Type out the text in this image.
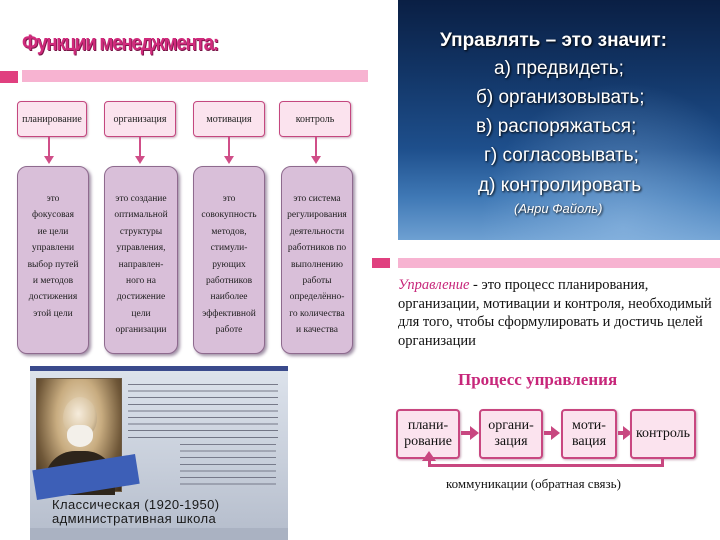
Функции менеджмента:
планирование	организация	мотивация	контроль
это
фокусовая
ие цели
управлени
выбор путей
и методов
достижения
этой цели
это создание
оптимальной
структуры
управления,
направлен-
ного на
достижение
цели
организации
это
совокупность
методов,
стимули-
рующих
работников
наиболее
эффективной
работе
это система
регулирования
деятельности
работников по
выполнению
работы
определённо-
го количества
и качества
Управлять – это значит:
а) предвидеть;
б) организовывать;
в) распоряжаться;
г) согласовывать;
д) контролировать
(Анри Файоль)
Управление - это процесс планирования, организации, мотивации и контроля, необходимый для того, чтобы сформулировать и достичь целей организации
Процесс управления
плани-
рование
органи-
зация
моти-
вация
контроль
коммуникации (обратная связь)
Классическая (1920-1950)
административная школа
